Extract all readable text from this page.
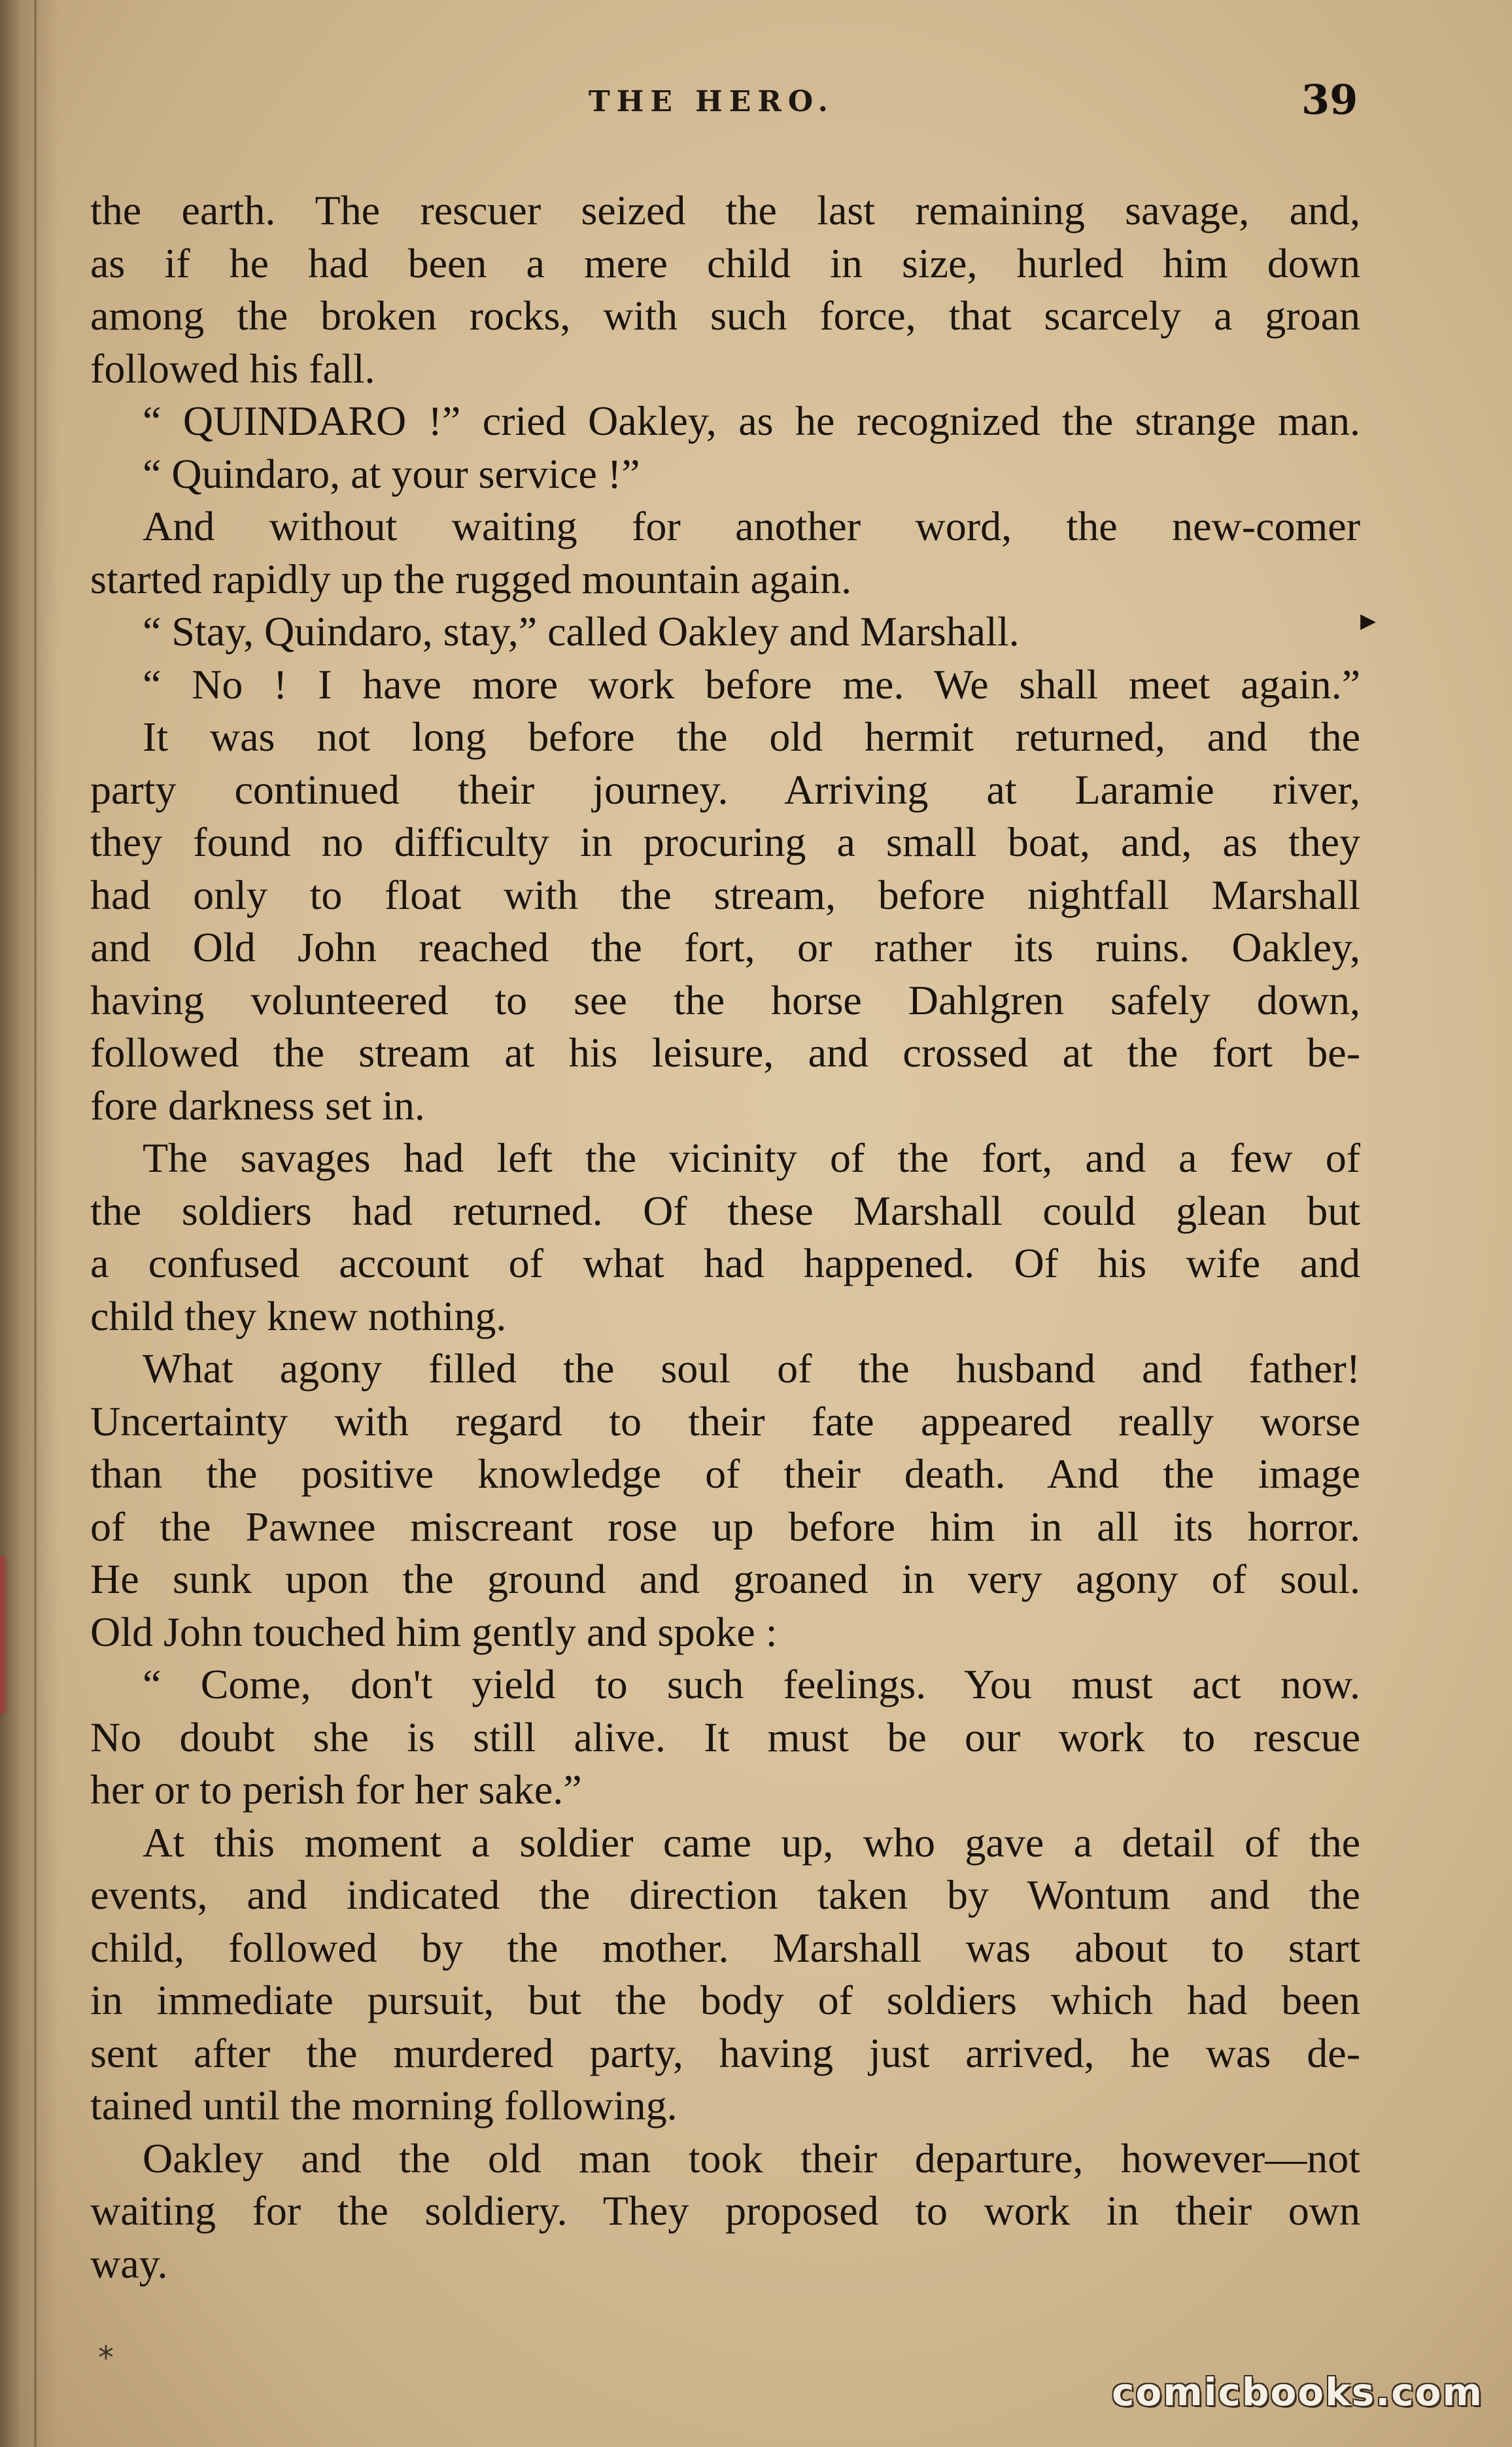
THE HERO.	39
the earth. The rescuer seized the last remaining savage, and,
as if he had been a mere child in size, hurled him down
among the broken rocks, with such force, that scarcely a groan
followed his fall.
“ QUINDARO !” cried Oakley, as he recognized the strange man.
“ Quindaro, at your service !”
And without waiting for another word, the new-comer
started rapidly up the rugged mountain again.
“ Stay, Quindaro, stay,” called Oakley and Marshall.
“ No ! I have more work before me. We shall meet again.”
It was not long before the old hermit returned, and the
party continued their journey. Arriving at Laramie river,
they found no difficulty in procuring a small boat, and, as they
had only to float with the stream, before nightfall Marshall
and Old John reached the fort, or rather its ruins. Oakley,
having volunteered to see the horse Dahlgren safely down,
followed the stream at his leisure, and crossed at the fort be-
fore darkness set in.
The savages had left the vicinity of the fort, and a few of
the soldiers had returned. Of these Marshall could glean but
a confused account of what had happened. Of his wife and
child they knew nothing.
What agony filled the soul of the husband and father!
Uncertainty with regard to their fate appeared really worse
than the positive knowledge of their death. And the image
of the Pawnee miscreant rose up before him in all its horror.
He sunk upon the ground and groaned in very agony of soul.
Old John touched him gently and spoke :
“ Come, don't yield to such feelings. You must act now.
No doubt she is still alive. It must be our work to rescue
her or to perish for her sake.”
At this moment a soldier came up, who gave a detail of the
events, and indicated the direction taken by Wontum and the
child, followed by the mother. Marshall was about to start
in immediate pursuit, but the body of soldiers which had been
sent after the murdered party, having just arrived, he was de-
tained until the morning following.
Oakley and the old man took their departure, however—not
waiting for the soldiery. They proposed to work in their own
way.
▸
*
comicbooks.com
